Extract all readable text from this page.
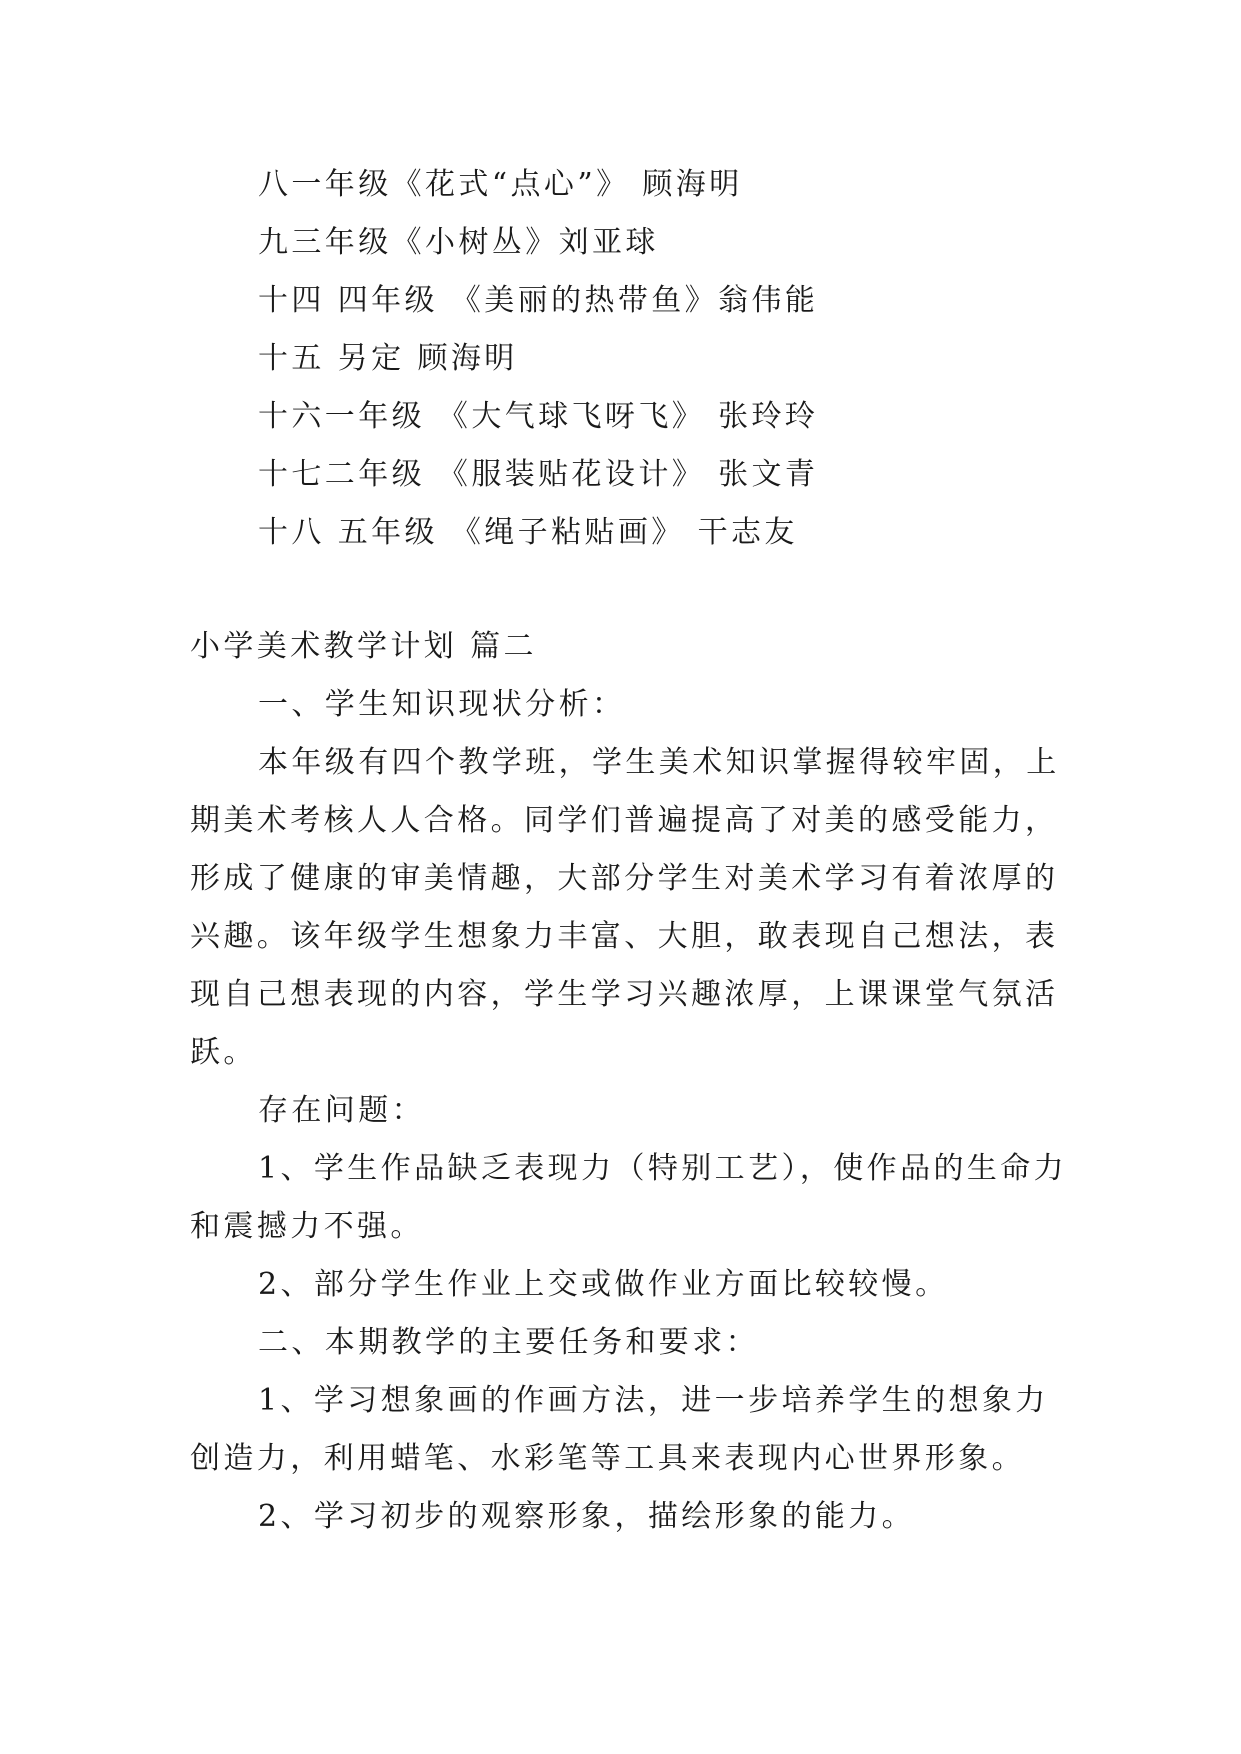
八一年级《花式“点心”》 顾海明
九三年级《小树丛》刘亚球
十四 四年级 《美丽的热带鱼》翁伟能
十五 另定 顾海明
十六一年级 《大气球飞呀飞》 张玲玲
十七二年级 《服装贴花设计》 张文青
十八 五年级 《绳子粘贴画》 干志友
小学美术教学计划 篇二
一、学生知识现状分析：
本年级有四个教学班，学生美术知识掌握得较牢固，上
期美术考核人人合格。同学们普遍提高了对美的感受能力，
形成了健康的审美情趣，大部分学生对美术学习有着浓厚的
兴趣。该年级学生想象力丰富、大胆，敢表现自己想法，表
现自己想表现的内容，学生学习兴趣浓厚，上课课堂气氛活
跃。
存在问题：
1、学生作品缺乏表现力（特别工艺），使作品的生命力
和震撼力不强。
2、部分学生作业上交或做作业方面比较较慢。
二、本期教学的主要任务和要求：
1、学习想象画的作画方法，进一步培养学生的想象力
创造力，利用蜡笔、水彩笔等工具来表现内心世界形象。
2、学习初步的观察形象，描绘形象的能力。
